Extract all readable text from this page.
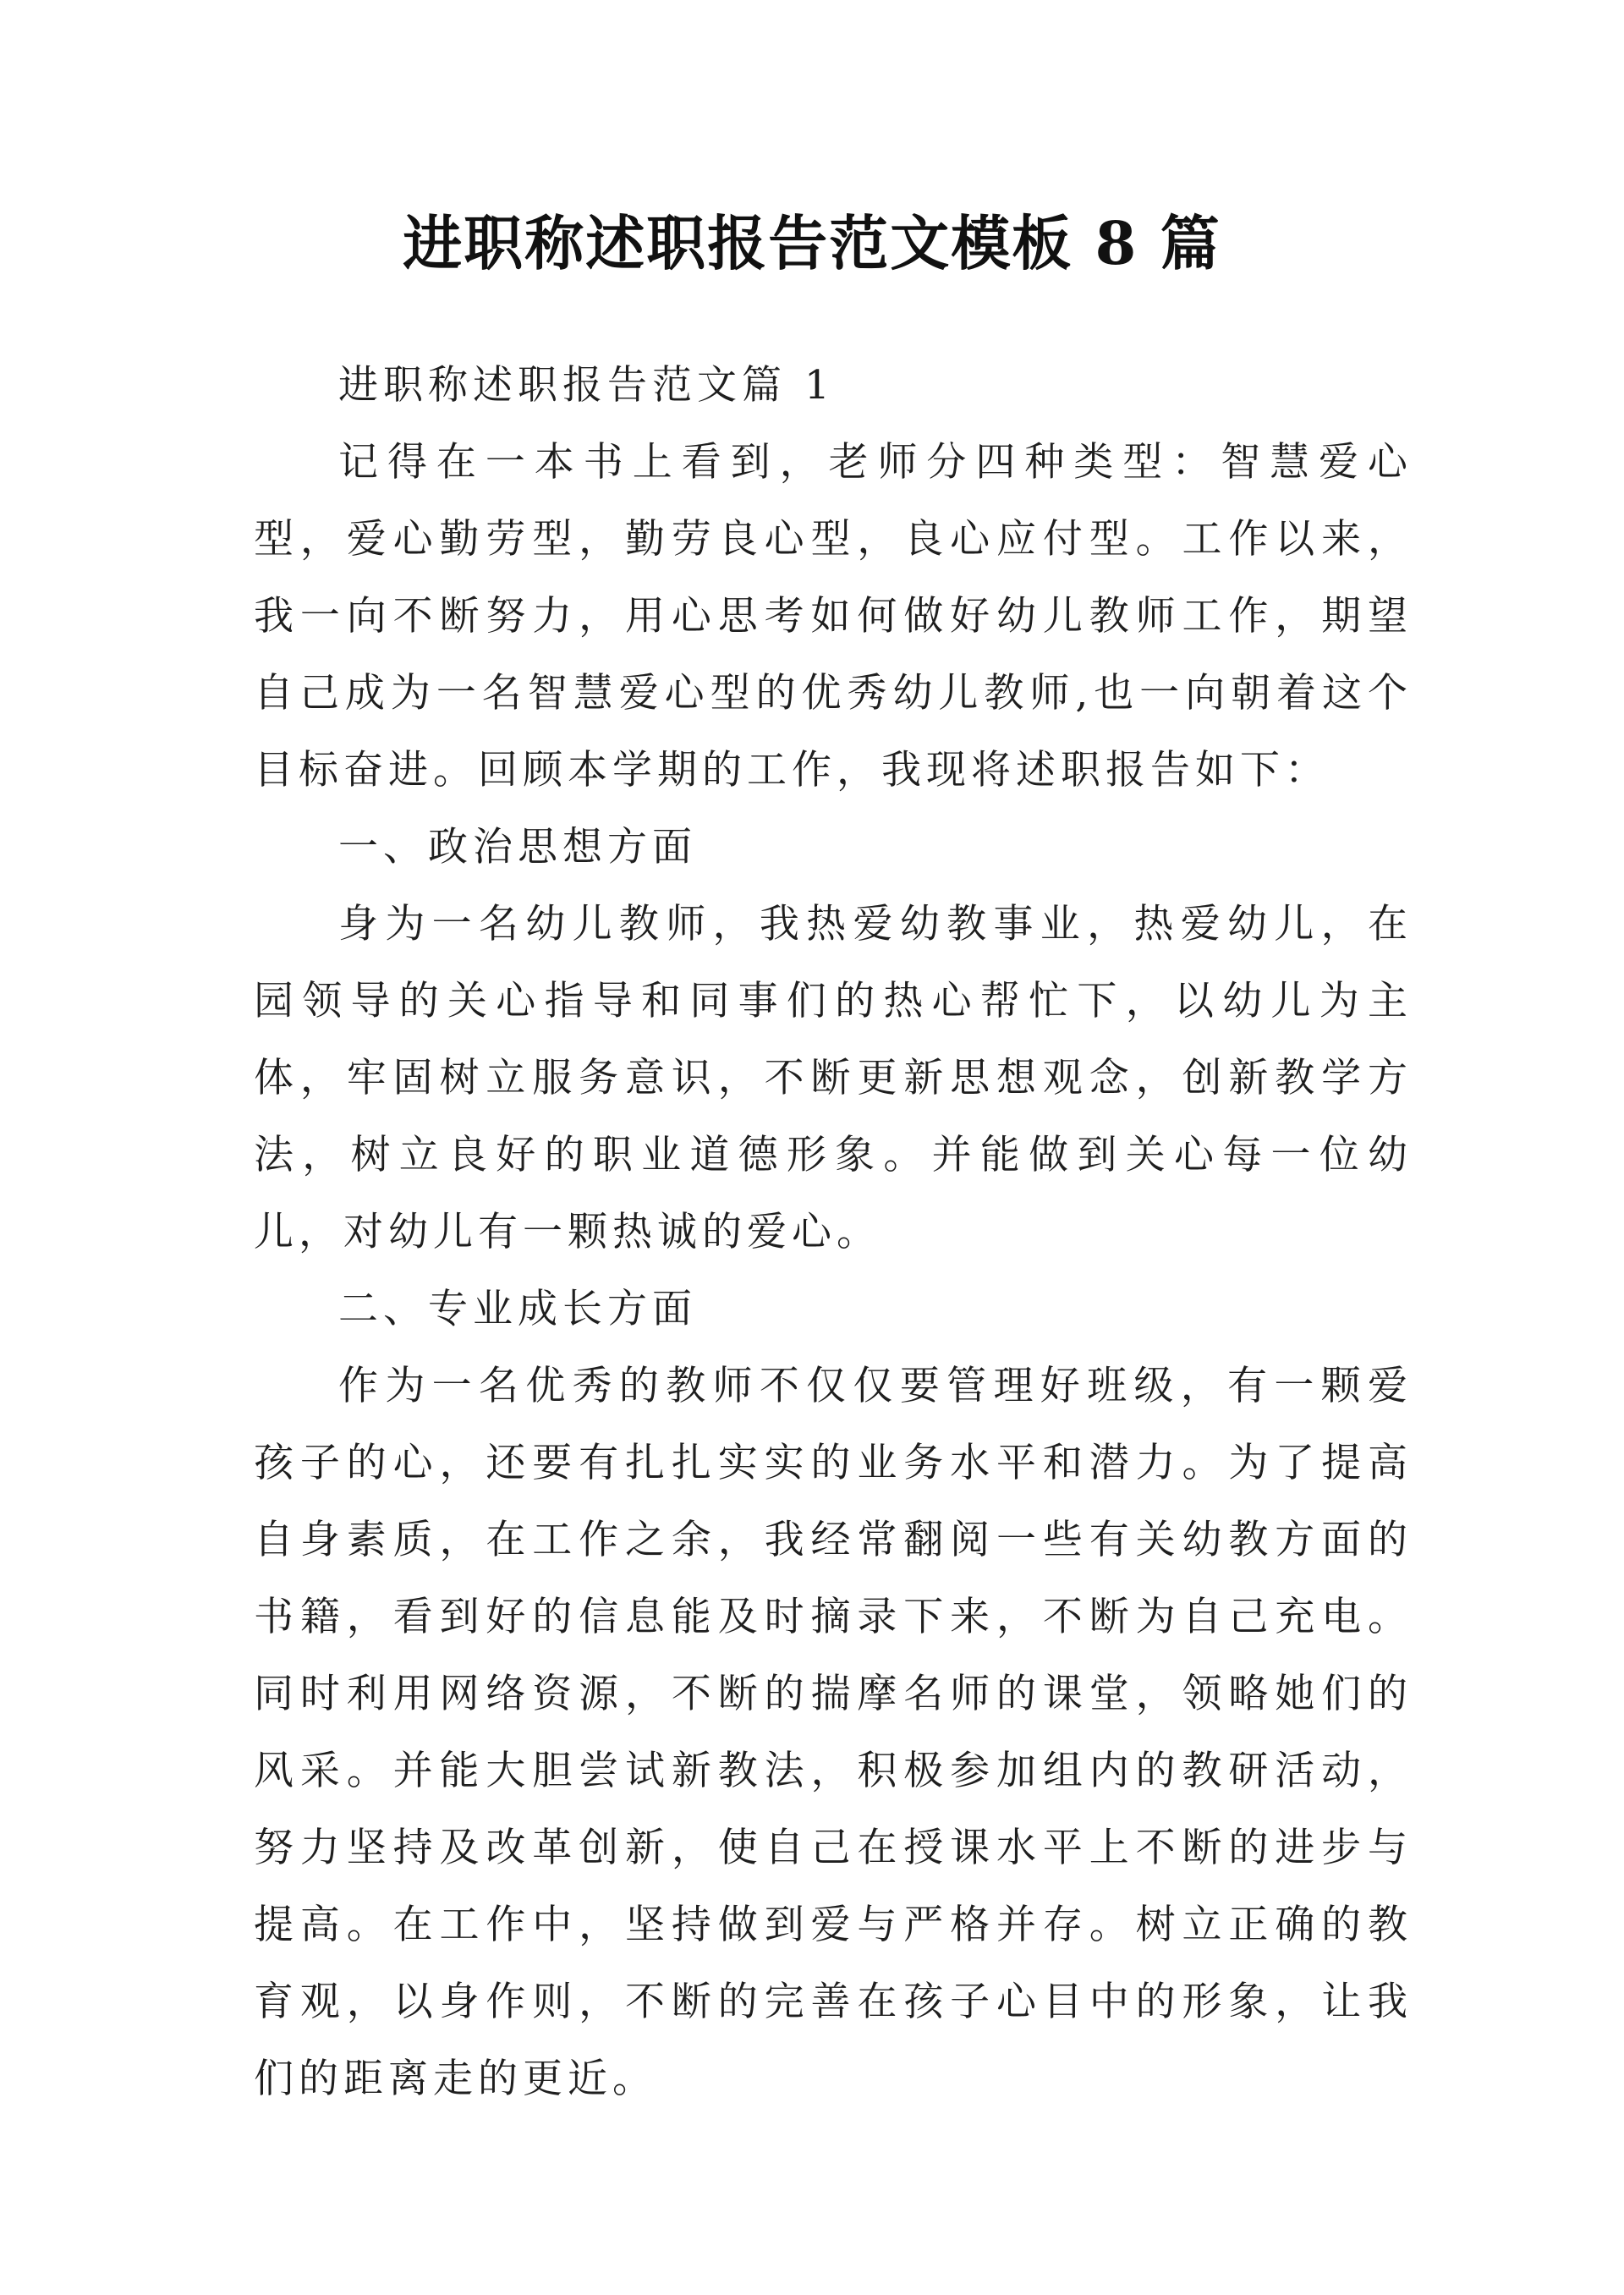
进职称述职报告范文模板 8 篇

进职称述职报告范文篇 1

记得在一本书上看到，老师分四种类型：智慧爱心型，爱心勤劳型，勤劳良心型，良心应付型。工作以来，我一向不断努力，用心思考如何做好幼儿教师工作，期望自己成为一名智慧爱心型的优秀幼儿教师,也一向朝着这个目标奋进。回顾本学期的工作，我现将述职报告如下：

一、政治思想方面

身为一名幼儿教师，我热爱幼教事业，热爱幼儿，在园领导的关心指导和同事们的热心帮忙下，以幼儿为主体，牢固树立服务意识，不断更新思想观念，创新教学方法，树立良好的职业道德形象。并能做到关心每一位幼儿，对幼儿有一颗热诚的爱心。

二、专业成长方面

作为一名优秀的教师不仅仅要管理好班级，有一颗爱孩子的心，还要有扎扎实实的业务水平和潜力。为了提高自身素质，在工作之余，我经常翻阅一些有关幼教方面的书籍，看到好的信息能及时摘录下来，不断为自己充电。同时利用网络资源，不断的揣摩名师的课堂，领略她们的风采。并能大胆尝试新教法，积极参加组内的教研活动，努力坚持及改革创新，使自己在授课水平上不断的进步与提高。在工作中，坚持做到爱与严格并存。树立正确的教育观，以身作则，不断的完善在孩子心目中的形象，让我们的距离走的更近。
